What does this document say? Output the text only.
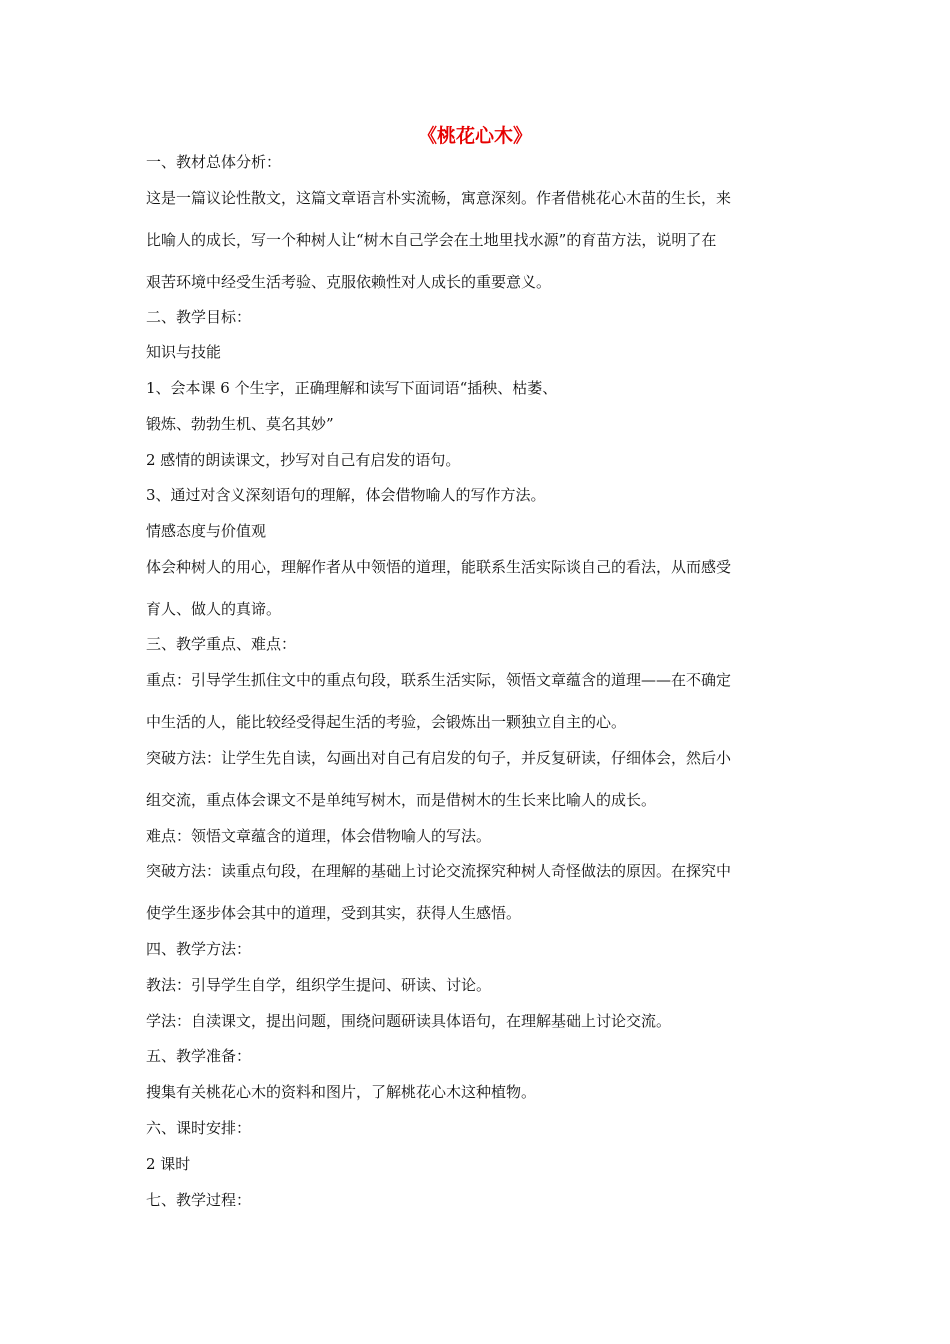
《桃花心木》
一、教材总体分析：
这是一篇议论性散文，这篇文章语言朴实流畅，寓意深刻。作者借桃花心木苗的生长，来
比喻人的成长，写一个种树人让“树木自己学会在土地里找水源”的育苗方法，说明了在
艰苦环境中经受生活考验、克服依赖性对人成长的重要意义。
二、教学目标：
知识与技能
1、会本课 6 个生字，正确理解和读写下面词语“插秧、枯萎、
锻炼、勃勃生机、莫名其妙”
2 感情的朗读课文，抄写对自己有启发的语句。
3、通过对含义深刻语句的理解，体会借物喻人的写作方法。
情感态度与价值观
体会种树人的用心，理解作者从中领悟的道理，能联系生活实际谈自己的看法，从而感受
育人、做人的真谛。
三、教学重点、难点：
重点：引导学生抓住文中的重点句段，联系生活实际，领悟文章蕴含的道理——在不确定
中生活的人，能比较经受得起生活的考验，会锻炼出一颗独立自主的心。
突破方法：让学生先自读，勾画出对自己有启发的句子，并反复研读，仔细体会，然后小
组交流，重点体会课文不是单纯写树木，而是借树木的生长来比喻人的成长。
难点：领悟文章蕴含的道理，体会借物喻人的写法。
突破方法：读重点句段，在理解的基础上讨论交流探究种树人奇怪做法的原因。在探究中
使学生逐步体会其中的道理，受到其实，获得人生感悟。
四、教学方法：
教法：引导学生自学，组织学生提问、研读、讨论。
学法：自渎课文，提出问题，围绕问题研读具体语句，在理解基础上讨论交流。
五、教学准备：
搜集有关桃花心木的资料和图片，了解桃花心木这种植物。
六、课时安排：
2 课时
七、教学过程：
